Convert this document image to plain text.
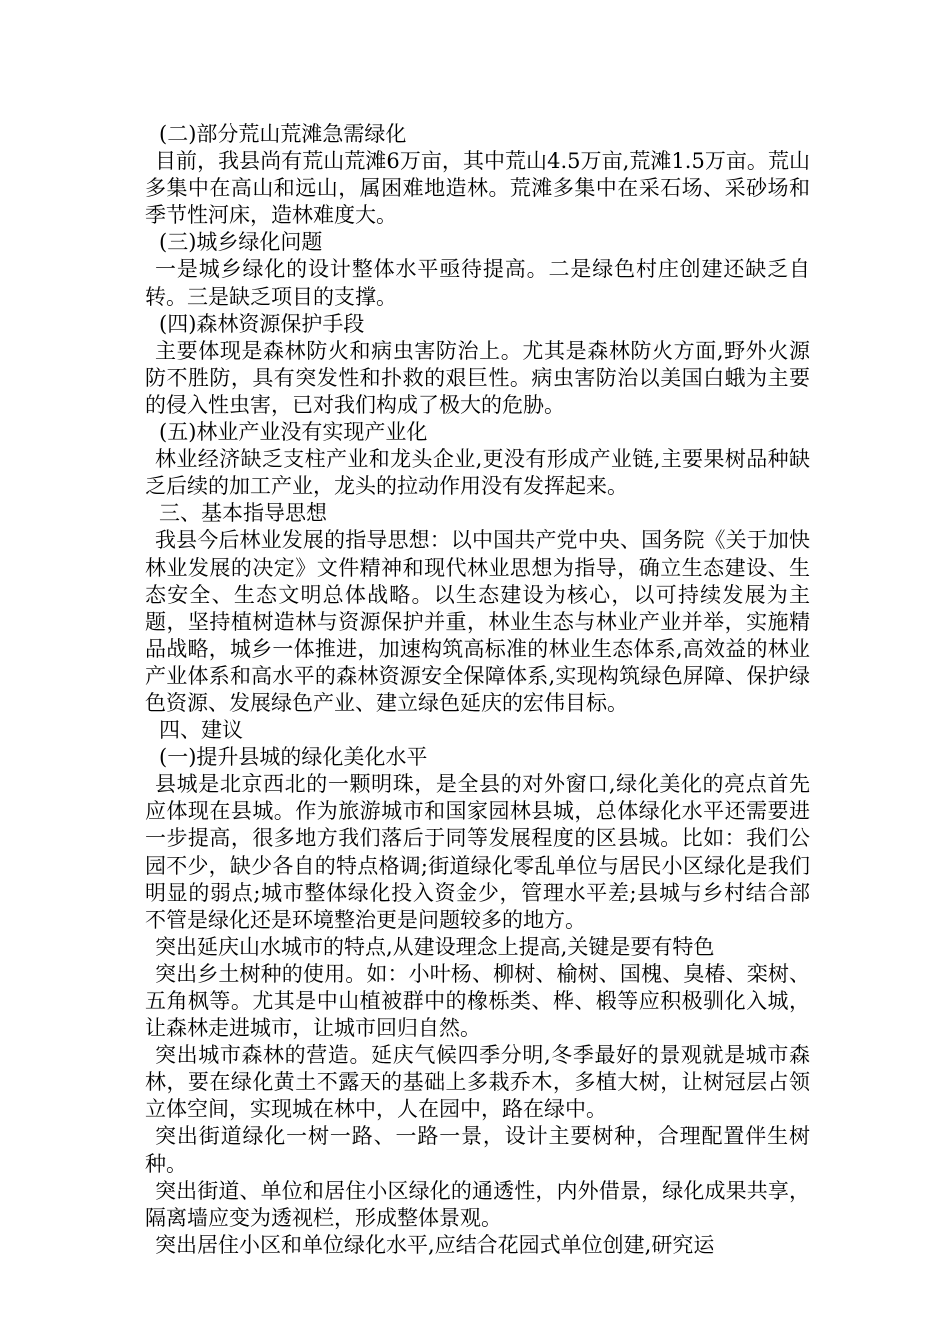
(二)部分荒山荒滩急需绿化

目前，我县尚有荒山荒滩6万亩，其中荒山4.5万亩,荒滩1.5万亩。荒山多集中在高山和远山，属困难地造林。荒滩多集中在采石场、采砂场和季节性河床，造林难度大。

(三)城乡绿化问题

一是城乡绿化的设计整体水平亟待提高。二是绿色村庄创建还缺乏自转。三是缺乏项目的支撑。

(四)森林资源保护手段

主要体现是森林防火和病虫害防治上。尤其是森林防火方面,野外火源防不胜防，具有突发性和扑救的艰巨性。病虫害防治以美国白蛾为主要的侵入性虫害，已对我们构成了极大的危胁。

(五)林业产业没有实现产业化

林业经济缺乏支柱产业和龙头企业,更没有形成产业链,主要果树品种缺乏后续的加工产业，龙头的拉动作用没有发挥起来。

三、基本指导思想

我县今后林业发展的指导思想：以中国共产党中央、国务院《关于加快林业发展的决定》文件精神和现代林业思想为指导，确立生态建设、生态安全、生态文明总体战略。以生态建设为核心，以可持续发展为主题，坚持植树造林与资源保护并重，林业生态与林业产业并举，实施精品战略，城乡一体推进，加速构筑高标准的林业生态体系,高效益的林业产业体系和高水平的森林资源安全保障体系,实现构筑绿色屏障、保护绿色资源、发展绿色产业、建立绿色延庆的宏伟目标。

四、建议

(一)提升县城的绿化美化水平

县城是北京西北的一颗明珠，是全县的对外窗口,绿化美化的亮点首先应体现在县城。作为旅游城市和国家园林县城，总体绿化水平还需要进一步提高，很多地方我们落后于同等发展程度的区县城。比如：我们公园不少，缺少各自的特点格调;街道绿化零乱单位与居民小区绿化是我们明显的弱点;城市整体绿化投入资金少，管理水平差;县城与乡村结合部不管是绿化还是环境整治更是问题较多的地方。

突出延庆山水城市的特点,从建设理念上提高,关键是要有特色

突出乡土树种的使用。如：小叶杨、柳树、榆树、国槐、臭椿、栾树、五角枫等。尤其是中山植被群中的橡栎类、桦、椴等应积极驯化入城，让森林走进城市，让城市回归自然。

突出城市森林的营造。延庆气候四季分明,冬季最好的景观就是城市森林，要在绿化黄土不露天的基础上多栽乔木，多植大树，让树冠层占领立体空间，实现城在林中，人在园中，路在绿中。

突出街道绿化一树一路、一路一景，设计主要树种，合理配置伴生树种。

突出街道、单位和居住小区绿化的通透性，内外借景，绿化成果共享，隔离墙应变为透视栏，形成整体景观。

突出居住小区和单位绿化水平,应结合花园式单位创建,研究运
